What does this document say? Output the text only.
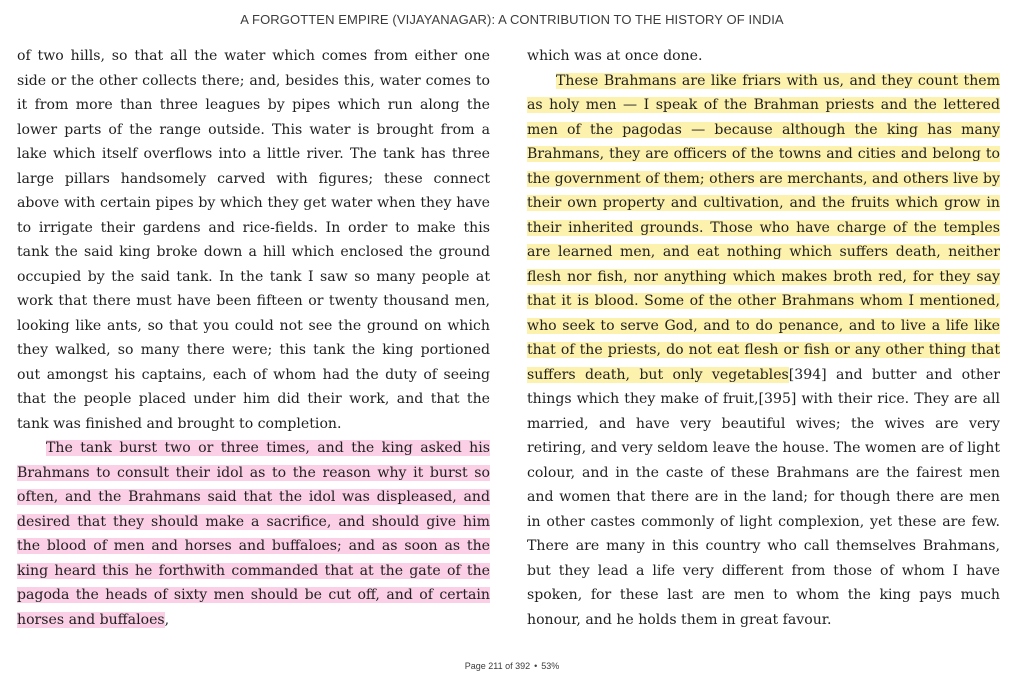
A FORGOTTEN EMPIRE (VIJAYANAGAR): A CONTRIBUTION TO THE HISTORY OF INDIA

of two hills, so that all the water which comes from either one side or the other collects there; and, besides this, water comes to it from more than three leagues by pipes which run along the lower parts of the range outside. This water is brought from a lake which itself overflows into a little river. The tank has three large pillars handsomely carved with figures; these connect above with certain pipes by which they get water when they have to irrigate their gardens and rice-fields. In order to make this tank the said king broke down a hill which enclosed the ground occupied by the said tank. In the tank I saw so many people at work that there must have been fifteen or twenty thousand men, looking like ants, so that you could not see the ground on which they walked, so many there were; this tank the king portioned out amongst his captains, each of whom had the duty of seeing that the people placed under him did their work, and that the tank was finished and brought to completion.

The tank burst two or three times, and the king asked his Brahmans to consult their idol as to the reason why it burst so often, and the Brahmans said that the idol was displeased, and desired that they should make a sacrifice, and should give him the blood of men and horses and buffaloes; and as soon as the king heard this he forthwith commanded that at the gate of the pagoda the heads of sixty men should be cut off, and of certain horses and buffaloes,

which was at once done.

These Brahmans are like friars with us, and they count them as holy men — I speak of the Brahman priests and the lettered men of the pagodas — because although the king has many Brahmans, they are officers of the towns and cities and belong to the government of them; others are merchants, and others live by their own property and cultivation, and the fruits which grow in their inherited grounds. Those who have charge of the temples are learned men, and eat nothing which suffers death, neither flesh nor fish, nor anything which makes broth red, for they say that it is blood. Some of the other Brahmans whom I mentioned, who seek to serve God, and to do penance, and to live a life like that of the priests, do not eat flesh or fish or any other thing that suffers death, but only vegetables[394] and butter and other things which they make of fruit,[395] with their rice. They are all married, and have very beautiful wives; the wives are very retiring, and very seldom leave the house. The women are of light colour, and in the caste of these Brahmans are the fairest men and women that there are in the land; for though there are men in other castes commonly of light complexion, yet these are few. There are many in this country who call themselves Brahmans, but they lead a life very different from those of whom I have spoken, for these last are men to whom the king pays much honour, and he holds them in great favour.

Page 211 of 392 • 53%
